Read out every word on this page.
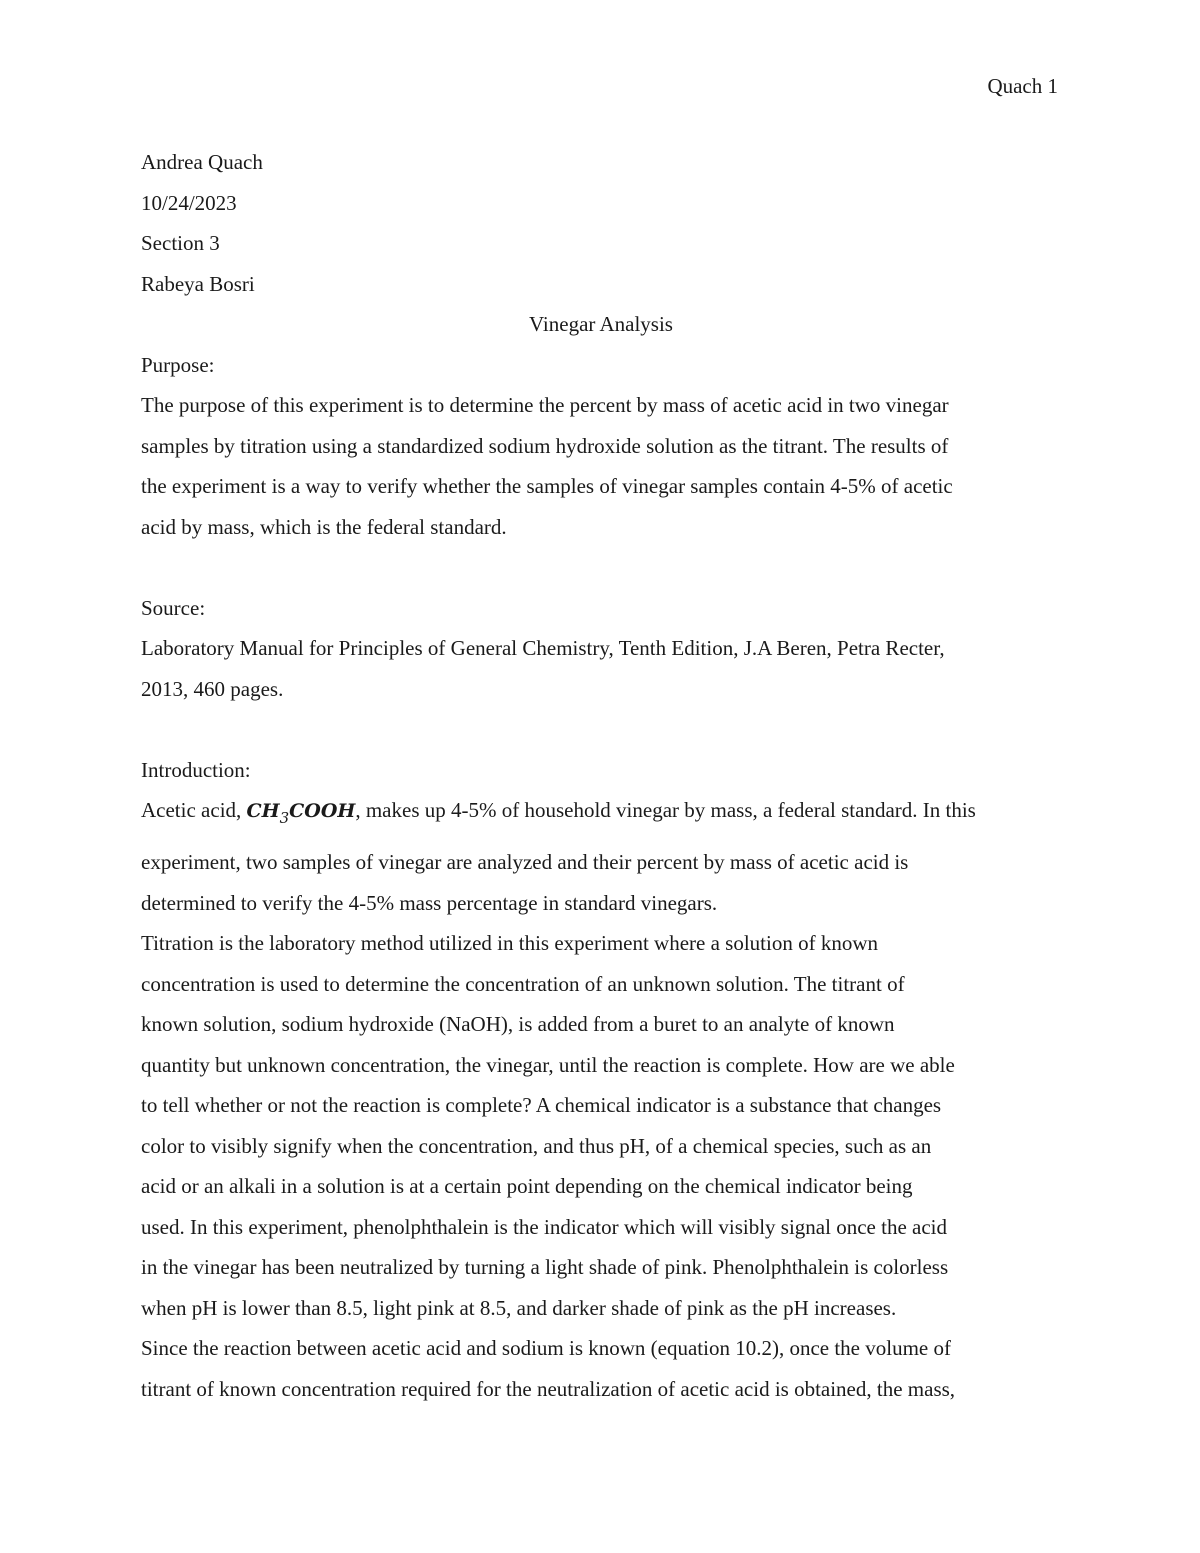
Quach 1
Andrea Quach
10/24/2023
Section 3
Rabeya Bosri
Vinegar Analysis
Purpose:
The purpose of this experiment is to determine the percent by mass of acetic acid in two vinegar
samples by titration using a standardized sodium hydroxide solution as the titrant. The results of
the experiment is a way to verify whether the samples of vinegar samples contain 4-5% of acetic
acid by mass, which is the federal standard.
Source:
Laboratory Manual for Principles of General Chemistry, Tenth Edition, J.A Beren, Petra Recter,
2013, 460 pages.
Introduction:
Acetic acid, $CH_3COOH$, makes up 4-5% of household vinegar by mass, a federal standard. In this
experiment, two samples of vinegar are analyzed and their percent by mass of acetic acid is
determined to verify the 4-5% mass percentage in standard vinegars.
Titration is the laboratory method utilized in this experiment where a solution of known
concentration is used to determine the concentration of an unknown solution. The titrant of
known solution, sodium hydroxide (NaOH), is added from a buret to an analyte of known
quantity but unknown concentration, the vinegar, until the reaction is complete. How are we able
to tell whether or not the reaction is complete? A chemical indicator is a substance that changes
color to visibly signify when the concentration, and thus pH, of a chemical species, such as an
acid or an alkali in a solution is at a certain point depending on the chemical indicator being
used. In this experiment, phenolphthalein is the indicator which will visibly signal once the acid
in the vinegar has been neutralized by turning a light shade of pink. Phenolphthalein is colorless
when pH is lower than 8.5, light pink at 8.5, and darker shade of pink as the pH increases.
Since the reaction between acetic acid and sodium is known (equation 10.2), once the volume of
titrant of known concentration required for the neutralization of acetic acid is obtained, the mass,
